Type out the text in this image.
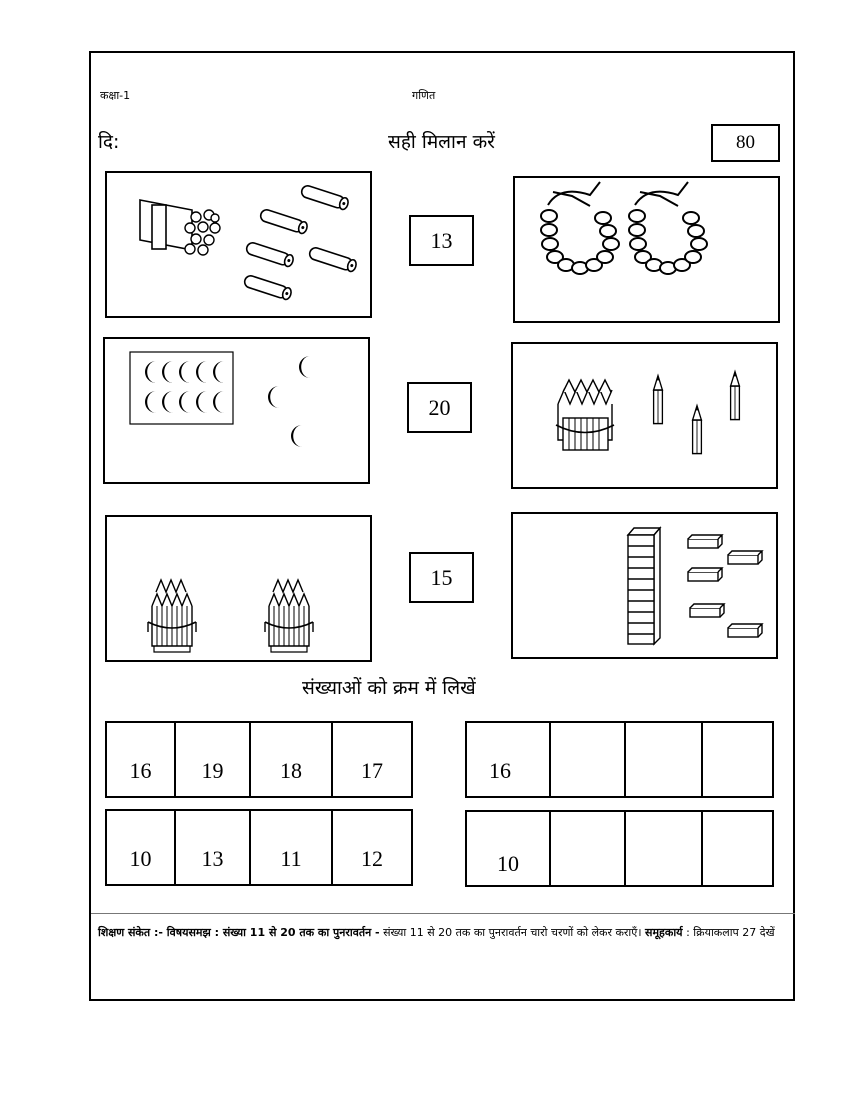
कक्षा-1	गणित
दि:	सही मिलान करें	80
13
20
15
संख्याओं को क्रम में लिखें
16	19	18	17	16
10	13	11	12	10
शिक्षण संकेत :- विषयसमझ : संख्या 11 से 20 तक का पुनरावर्तन - संख्या 11 से 20 तक का पुनरावर्तन चारो चरणों को लेकर कराएँ। समूहकार्य : क्रियाकलाप 27 देखें
